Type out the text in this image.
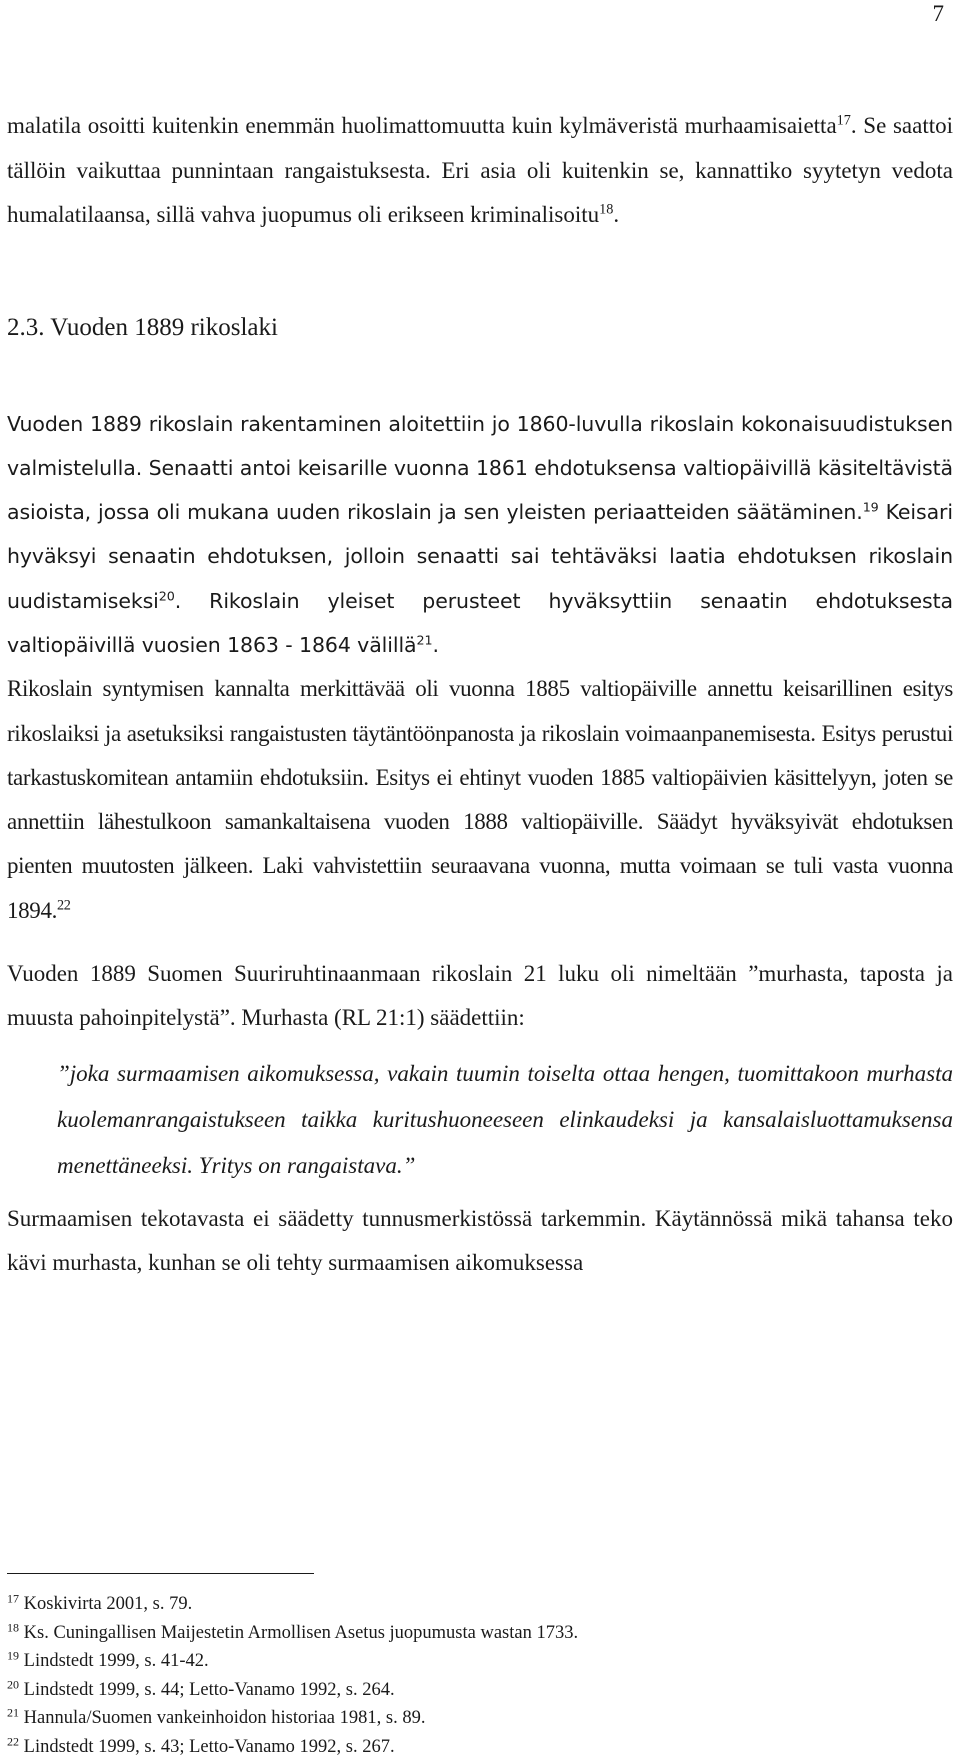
7

malatila osoitti kuitenkin enemmän huolimattomuutta kuin kylmäveristä murhaamisaietta$^{17}$. Se saattoi tällöin vaikuttaa punnintaan rangaistuksesta. Eri asia oli kuitenkin se, kannattiko syytetyn vedota humalatilaansa, sillä vahva juopumus oli erikseen kriminalisoitu$^{18}$.

2.3. Vuoden 1889 rikoslaki

Vuoden 1889 rikoslain rakentaminen aloitettiin jo 1860-luvulla rikoslain kokonaisuudistuksen valmistelulla. Senaatti antoi keisarille vuonna 1861 ehdotuksensa valtiopäivillä käsiteltävistä asioista, jossa oli mukana uuden rikoslain ja sen yleisten periaatteiden säätäminen.$^{19}$ Keisari hyväksyi senaatin ehdotuksen, jolloin senaatti sai tehtäväksi laatia ehdotuksen rikoslain uudistamiseksi$^{20}$. Rikoslain yleiset perusteet hyväksyttiin senaatin ehdotuksesta valtiopäivillä vuosien 1863 - 1864 välillä$^{21}$.

Rikoslain syntymisen kannalta merkittävää oli vuonna 1885 valtiopäiville annettu keisarillinen esitys rikoslaiksi ja asetuksiksi rangaistusten täytäntöönpanosta ja rikoslain voimaanpanemisesta. Esitys perustui tarkastuskomitean antamiin ehdotuksiin. Esitys ei ehtinyt vuoden 1885 valtiopäivien käsittelyyn, joten se annettiin lähestulkoon samankaltaisena vuoden 1888 valtiopäiville. Säädyt hyväksyivät ehdotuksen pienten muutosten jälkeen. Laki vahvistettiin seuraavana vuonna, mutta voimaan se tuli vasta vuonna 1894.22

Vuoden 1889 Suomen Suuriruhtinaanmaan rikoslain 21 luku oli nimeltään ”murhasta, taposta ja muusta pahoinpitelystä”. Murhasta (RL 21:1) säädettiin:

”joka surmaamisen aikomuksessa, vakain tuumin toiselta ottaa hengen, tuomittakoon murhasta kuolemanrangaistukseen taikka kuritushuoneeseen elinkaudeksi ja kansalaisluottamuksensa menettäneeksi. Yritys on rangaistava.”

Surmaamisen tekotavasta ei säädetty tunnusmerkistössä tarkemmin. Käytännössä mikä tahansa teko kävi murhasta, kunhan se oli tehty surmaamisen aikomuksessa

$^{17}$ Koskivirta 2001, s. 79.
$^{18}$ Ks. Cuningallisen Maijestetin Armollisen Asetus juopumusta wastan 1733.
$^{19}$ Lindstedt 1999, s. 41-42.
$^{20}$ Lindstedt 1999, s. 44; Letto-Vanamo 1992, s. 264.
$^{21}$ Hannula/Suomen vankeinhoidon historiaa 1981, s. 89.
$^{22}$ Lindstedt 1999, s. 43; Letto-Vanamo 1992, s. 267.
